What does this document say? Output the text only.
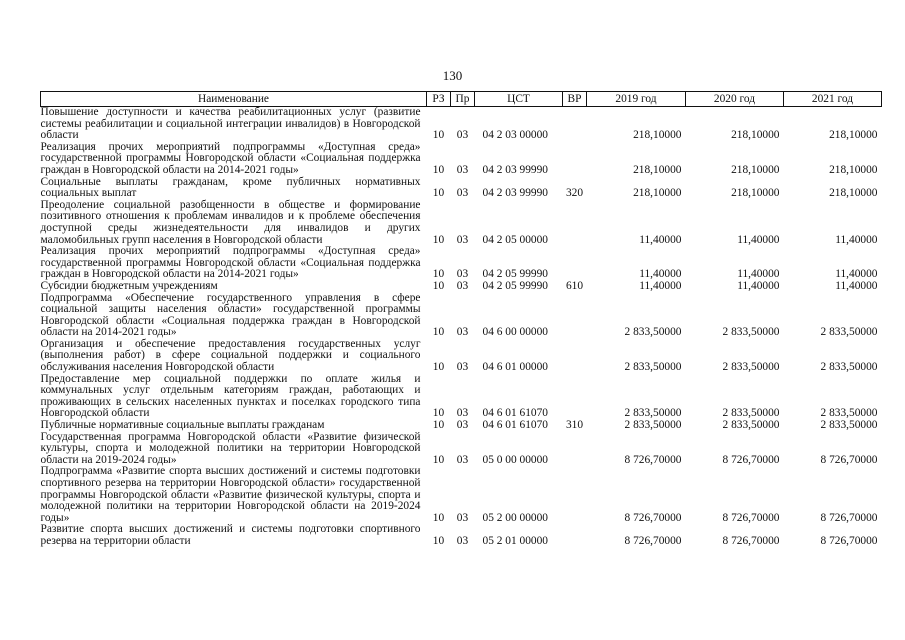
130
Наименование	РЗ	Пр	ЦСТ	ВР	2019 год	2020 год	2021 год
Повышение доступности и качества реабилитационных услуг (развитие системы реабилитации и социальной интеграции инвалидов) в Новгородской области	10	03	04 2 03 00000		218,10000	218,10000	218,10000
Реализация прочих мероприятий подпрограммы «Доступная среда» государственной программы Новгородской области «Социальная поддержка граждан в Новгородской области на 2014-2021 годы»	10	03	04 2 03 99990		218,10000	218,10000	218,10000
Социальные выплаты гражданам, кроме публичных нормативных социальных выплат	10	03	04 2 03 99990	320	218,10000	218,10000	218,10000
Преодоление социальной разобщенности в обществе и формирование позитивного отношения к проблемам инвалидов и к проблеме обеспечения доступной среды жизнедеятельности для инвалидов и других маломобильных групп населения в Новгородской области	10	03	04 2 05 00000		11,40000	11,40000	11,40000
Реализация прочих мероприятий подпрограммы «Доступная среда» государственной программы Новгородской области «Социальная поддержка граждан в Новгородской области на 2014-2021 годы»	10	03	04 2 05 99990		11,40000	11,40000	11,40000
Субсидии бюджетным учреждениям	10	03	04 2 05 99990	610	11,40000	11,40000	11,40000
Подпрограмма «Обеспечение государственного управления в сфере социальной защиты населения области» государственной программы Новгородской области «Социальная поддержка граждан в Новгородской области на 2014-2021 годы»	10	03	04 6 00 00000		2 833,50000	2 833,50000	2 833,50000
Организация и обеспечение предоставления государственных услуг (выполнения работ) в сфере социальной поддержки и социального обслуживания населения Новгородской области	10	03	04 6 01 00000		2 833,50000	2 833,50000	2 833,50000
Предоставление мер социальной поддержки по оплате жилья и коммунальных услуг отдельным категориям граждан, работающих и проживающих в сельских населенных пунктах и поселках городского типа Новгородской области	10	03	04 6 01 61070		2 833,50000	2 833,50000	2 833,50000
Публичные нормативные социальные выплаты гражданам	10	03	04 6 01 61070	310	2 833,50000	2 833,50000	2 833,50000
Государственная программа Новгородской области «Развитие физической культуры, спорта и молодежной политики на территории Новгородской области на 2019-2024 годы»	10	03	05 0 00 00000		8 726,70000	8 726,70000	8 726,70000
Подпрограмма «Развитие спорта высших достижений и системы подготовки спортивного резерва на территории Новгородской области» государственной программы Новгородской области «Развитие физической культуры, спорта и молодежной политики на территории Новгородской области на 2019-2024 годы»	10	03	05 2 00 00000		8 726,70000	8 726,70000	8 726,70000
Развитие спорта высших достижений и системы подготовки спортивного резерва на территории области	10	03	05 2 01 00000		8 726,70000	8 726,70000	8 726,70000
